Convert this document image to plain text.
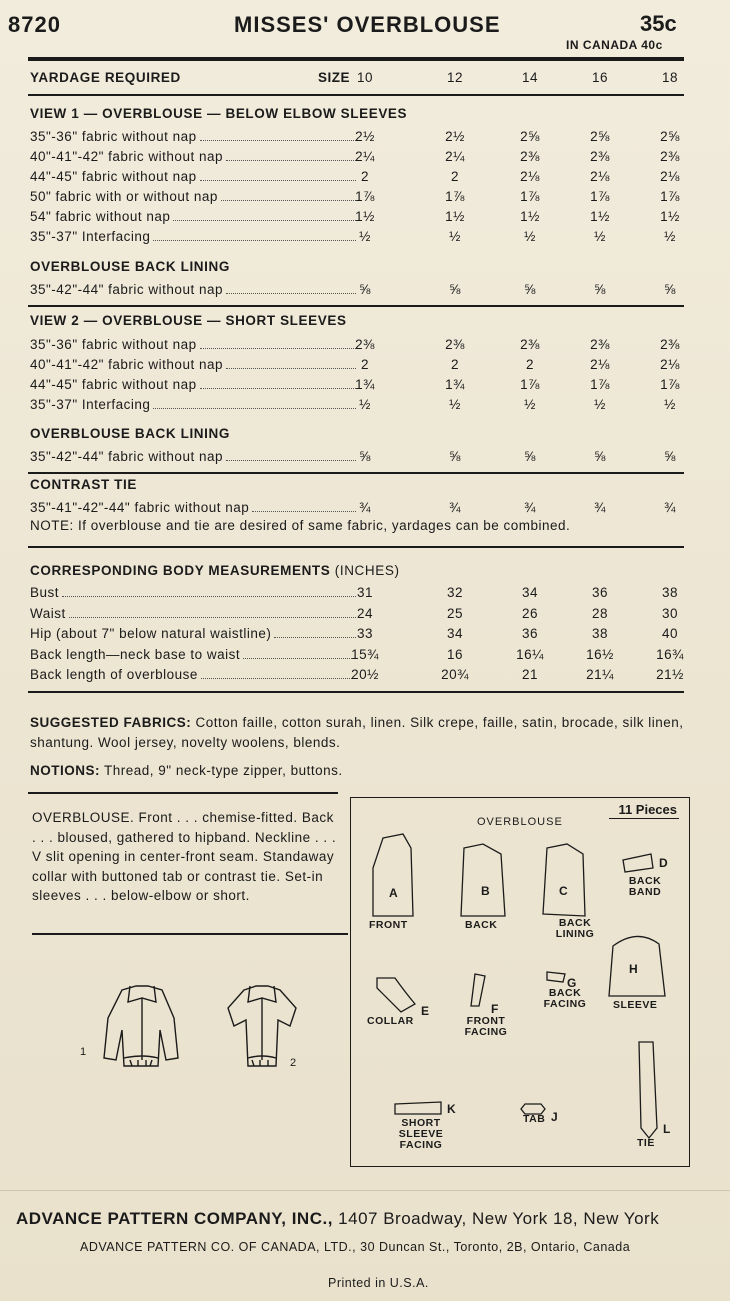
8720	MISSES' OVERBLOUSE	35c
IN CANADA 40c
YARDAGE REQUIRED	SIZE 10	12	14	16	18
VIEW 1 — OVERBLOUSE — BELOW ELBOW SLEEVES
35"-36" fabric without nap	2½	2½	2⅝	2⅝	2⅝
40"-41"-42" fabric without nap	2¼	2¼	2⅜	2⅜	2⅜
44"-45" fabric without nap	2	2	2⅛	2⅛	2⅛
50" fabric with or without nap	1⅞	1⅞	1⅞	1⅞	1⅞
54" fabric without nap	1½	1½	1½	1½	1½
35"-37" Interfacing	½	½	½	½	½
OVERBLOUSE BACK LINING
35"-42"-44" fabric without nap	⅝	⅝	⅝	⅝	⅝
VIEW 2 — OVERBLOUSE — SHORT SLEEVES
35"-36" fabric without nap	2⅜	2⅜	2⅜	2⅜	2⅜
40"-41"-42" fabric without nap	2	2	2	2⅛	2⅛
44"-45" fabric without nap	1¾	1¾	1⅞	1⅞	1⅞
35"-37" Interfacing	½	½	½	½	½
OVERBLOUSE BACK LINING
35"-42"-44" fabric without nap	⅝	⅝	⅝	⅝	⅝
CONTRAST TIE
35"-41"-42"-44" fabric without nap	¾	¾	¾	¾	¾
NOTE: If overblouse and tie are desired of same fabric, yardages can be combined.
CORRESPONDING BODY MEASUREMENTS (INCHES)
Bust	31	32	34	36	38
Waist	24	25	26	28	30
Hip (about 7" below natural waistline)	33	34	36	38	40
Back length—neck base to waist	15¾	16	16¼	16½	16¾
Back length of overblouse	20½	20¾	21	21¼	21½
SUGGESTED FABRICS: Cotton faille, cotton surah, linen. Silk crepe, faille, satin, brocade, silk linen, shantung. Wool jersey, novelty woolens, blends.
NOTIONS: Thread, 9" neck-type zipper, buttons.
OVERBLOUSE. Front . . . chemise-fitted. Back . . . bloused, gathered to hipband. Neckline . . . V slit opening in center-front seam. Standaway collar with buttoned tab or contrast tie. Set-in sleeves . . . below-elbow or short.
1
2
11 Pieces
OVERBLOUSE
A
FRONT
B
BACK
C
BACK LINING
D
BACK BAND
E
COLLAR
F
FRONT FACING
G
BACK FACING
H
SLEEVE
K
SHORT SLEEVE FACING
J
TAB
L
TIE
ADVANCE PATTERN COMPANY, INC., 1407 Broadway, New York 18, New York
ADVANCE PATTERN CO. OF CANADA, LTD., 30 Duncan St., Toronto, 2B, Ontario, Canada
Printed in U.S.A.
